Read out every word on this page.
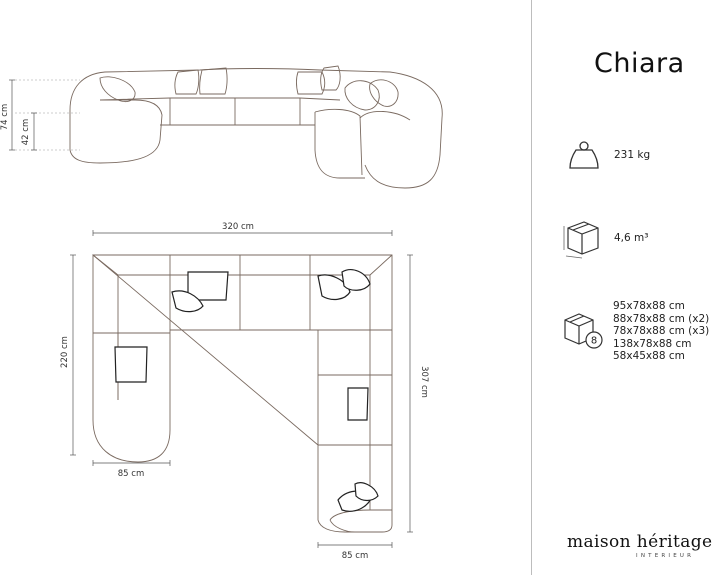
74 cm
42 cm
320 cm
220 cm
307 cm
85 cm
85 cm
Chiara
231 kg
4,6 m³
8
95x78x88 cm
88x78x88 cm (x2)
78x78x88 cm (x3)
138x78x88 cm
58x45x88 cm
maison héritage
INTERIEUR
